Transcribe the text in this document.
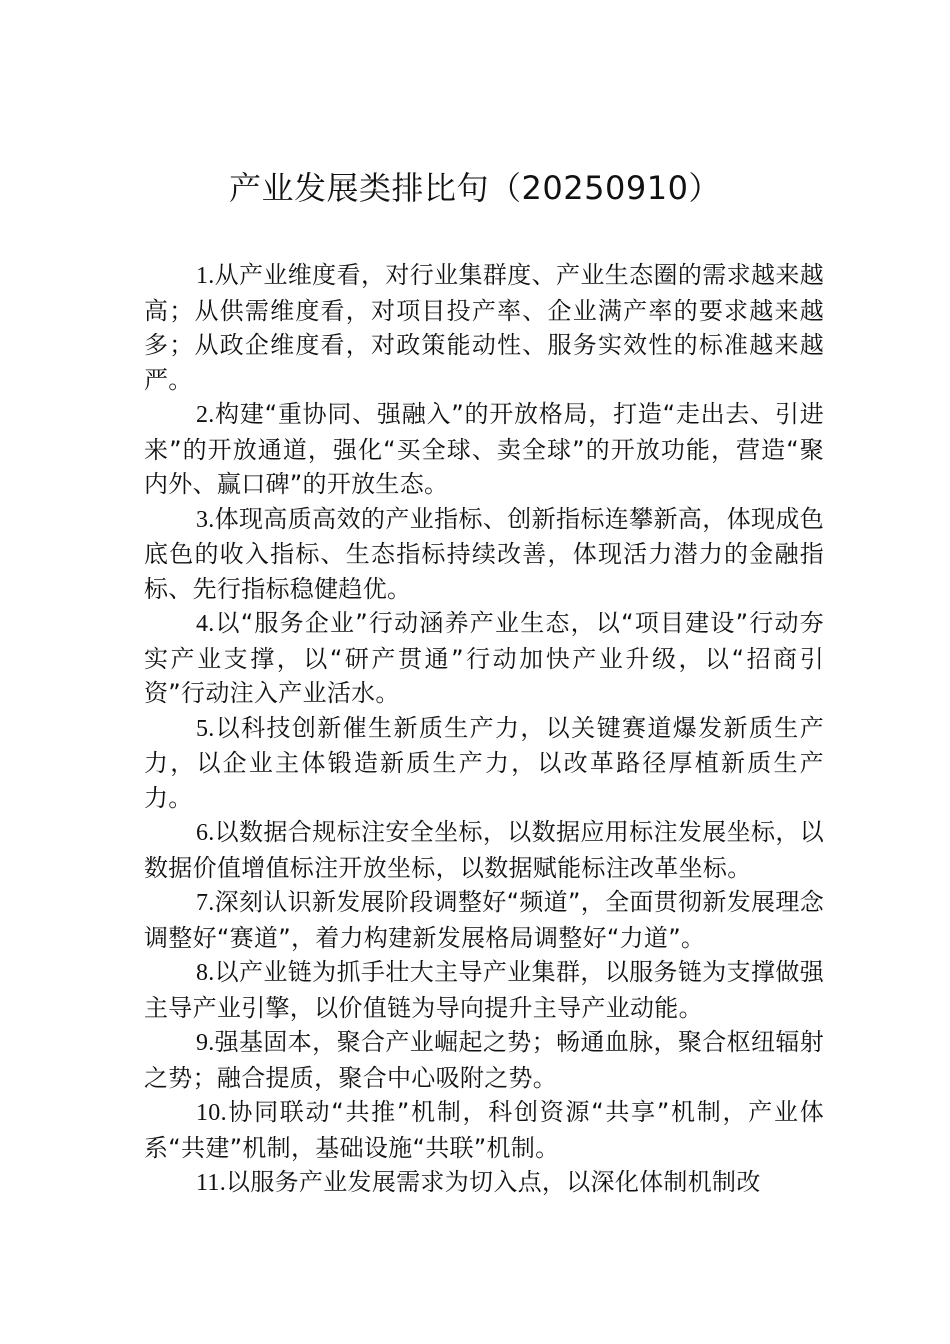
产业发展类排比句（20250910）

1.从产业维度看，对行业集群度、产业生态圈的需求越来越高；从供需维度看，对项目投产率、企业满产率的要求越来越多；从政企维度看，对政策能动性、服务实效性的标准越来越严。

2.构建“重协同、强融入”的开放格局，打造“走出去、引进来”的开放通道，强化“买全球、卖全球”的开放功能，营造“聚内外、赢口碑”的开放生态。

3.体现高质高效的产业指标、创新指标连攀新高，体现成色底色的收入指标、生态指标持续改善，体现活力潜力的金融指标、先行指标稳健趋优。

4.以“服务企业”行动涵养产业生态，以“项目建设”行动夯实产业支撑，以“研产贯通”行动加快产业升级，以“招商引资”行动注入产业活水。

5.以科技创新催生新质生产力，以关键赛道爆发新质生产力，以企业主体锻造新质生产力，以改革路径厚植新质生产力。

6.以数据合规标注安全坐标，以数据应用标注发展坐标，以数据价值增值标注开放坐标，以数据赋能标注改革坐标。

7.深刻认识新发展阶段调整好“频道”，全面贯彻新发展理念调整好“赛道”，着力构建新发展格局调整好“力道”。

8.以产业链为抓手壮大主导产业集群，以服务链为支撑做强主导产业引擎，以价值链为导向提升主导产业动能。

9.强基固本，聚合产业崛起之势；畅通血脉，聚合枢纽辐射之势；融合提质，聚合中心吸附之势。

10.协同联动“共推”机制，科创资源“共享”机制，产业体系“共建”机制，基础设施“共联”机制。

11.以服务产业发展需求为切入点，以深化体制机制改
